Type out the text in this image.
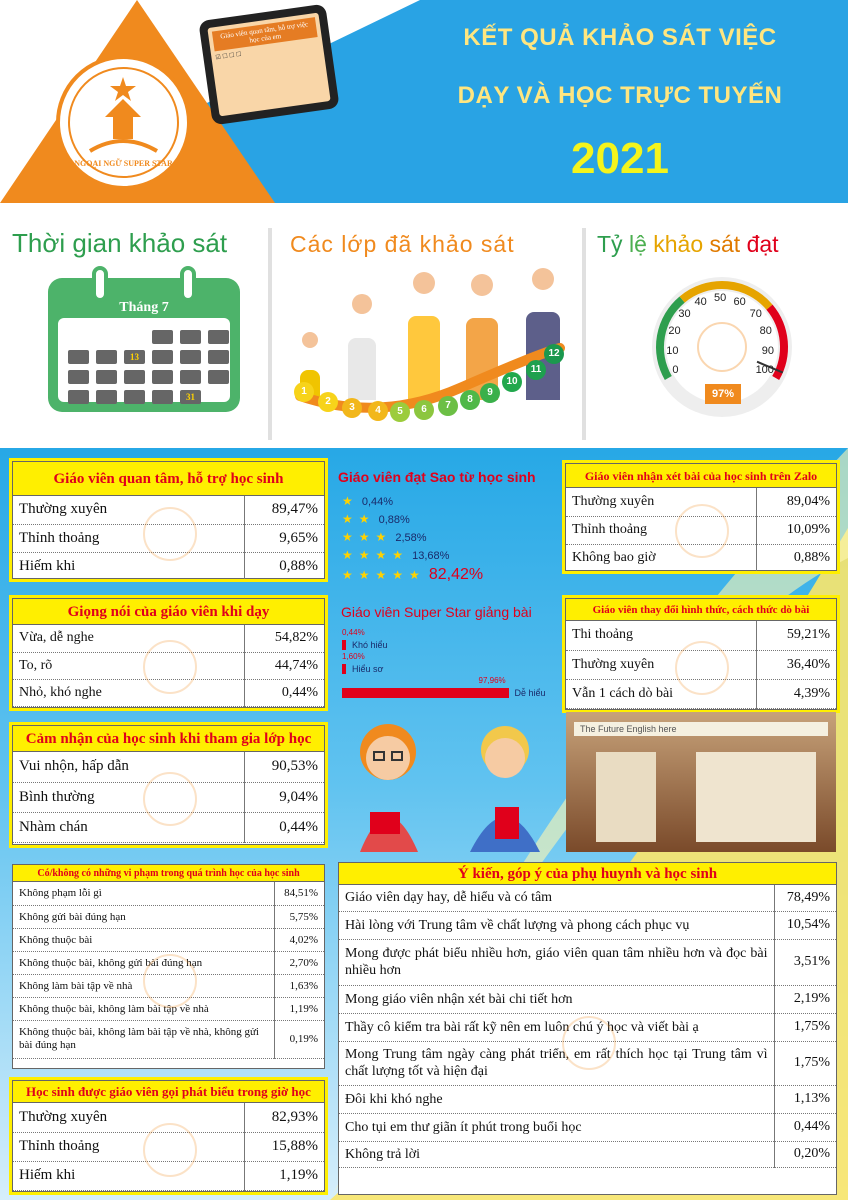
NGOẠI NGỮ SUPER STAR
Giáo viên quan tâm, hỗ trợ việc học của em
☑ ☐ ☐ ☐
KẾT QUẢ KHẢO SÁT VIỆC
DẠY VÀ HỌC TRỰC TUYẾN
2021
Thời gian khảo sát	Các lớp đã khảo sát	Tỷ lệ khảo sát đạt
Tháng 7
13
31	1
2
3	4	5	6	7
8
9
10
11
12
0
10
20
30
40 50 60
70
80
90
100
97%
Giáo viên quan tâm, hỗ trợ học sinh
Thường xuyên	89,47%
Thỉnh thoảng	9,65%
Hiếm khi	0,88%
Giọng nói của giáo viên khi dạy
Vừa, dễ nghe	54,82%
To, rõ	44,74%
Nhỏ, khó nghe	0,44%
Cảm nhận của học sinh khi tham gia lớp học
Vui nhộn, hấp dẫn	90,53%
Bình thường	9,04%
Nhàm chán	0,44%
Có/không có những vi phạm trong quá trình học của học sinh
Không phạm lỗi gì	84,51%
Không gửi bài đúng hạn	5,75%
Không thuộc bài	4,02%
Không thuộc bài, không gửi bài đúng hạn	2,70%
Không làm bài tập về nhà	1,63%
Không thuộc bài, không làm bài tập về nhà	1,19%
Không thuộc bài, không làm bài tập về nhà, không gửi bài đúng hạn	0,19%
Học sinh được giáo viên gọi phát biểu trong giờ học
Thường xuyên	82,93%
Thỉnh thoảng	15,88%
Hiếm khi	1,19%
Giáo viên nhận xét bài của học sinh trên Zalo
Thường xuyên	89,04%
Thỉnh thoảng	10,09%
Không bao giờ	0,88%
Giáo viên thay đổi hình thức, cách thức dò bài
Thi thoảng	59,21%
Thường xuyên	36,40%
Vẫn 1 cách dò bài	4,39%
Ý kiến, góp ý của phụ huynh và học sinh
Giáo viên dạy hay, dễ hiểu và có tâm	78,49%
Hài lòng với Trung tâm về chất lượng và phong cách phục vụ	10,54%
Mong được phát biểu nhiều hơn, giáo viên quan tâm nhiều hơn và đọc bài nhiều hơn	3,51%
Mong giáo viên nhận xét bài chi tiết hơn	2,19%
Thầy cô kiểm tra bài rất kỹ nên em luôn chú ý học và viết bài ạ	1,75%
Mong Trung tâm ngày càng phát triển, em rất thích học tại Trung tâm vì chất lượng tốt và hiện đại	1,75%
Đôi khi khó nghe	1,13%
Cho tụi em thư giãn ít phút trong buổi học	0,44%
Không trả lời	0,20%
Giáo viên đạt Sao từ học sinh
★ 0,44%
★★ 0,88%
★★★ 2,58%
★★★★ 13,68%
★★★★★ 82,42%
Giáo viên Super Star giảng bài
0,44%
Khó hiểu
1,60%
Hiểu sơ
97,96%
Dễ hiểu
The Future English here
